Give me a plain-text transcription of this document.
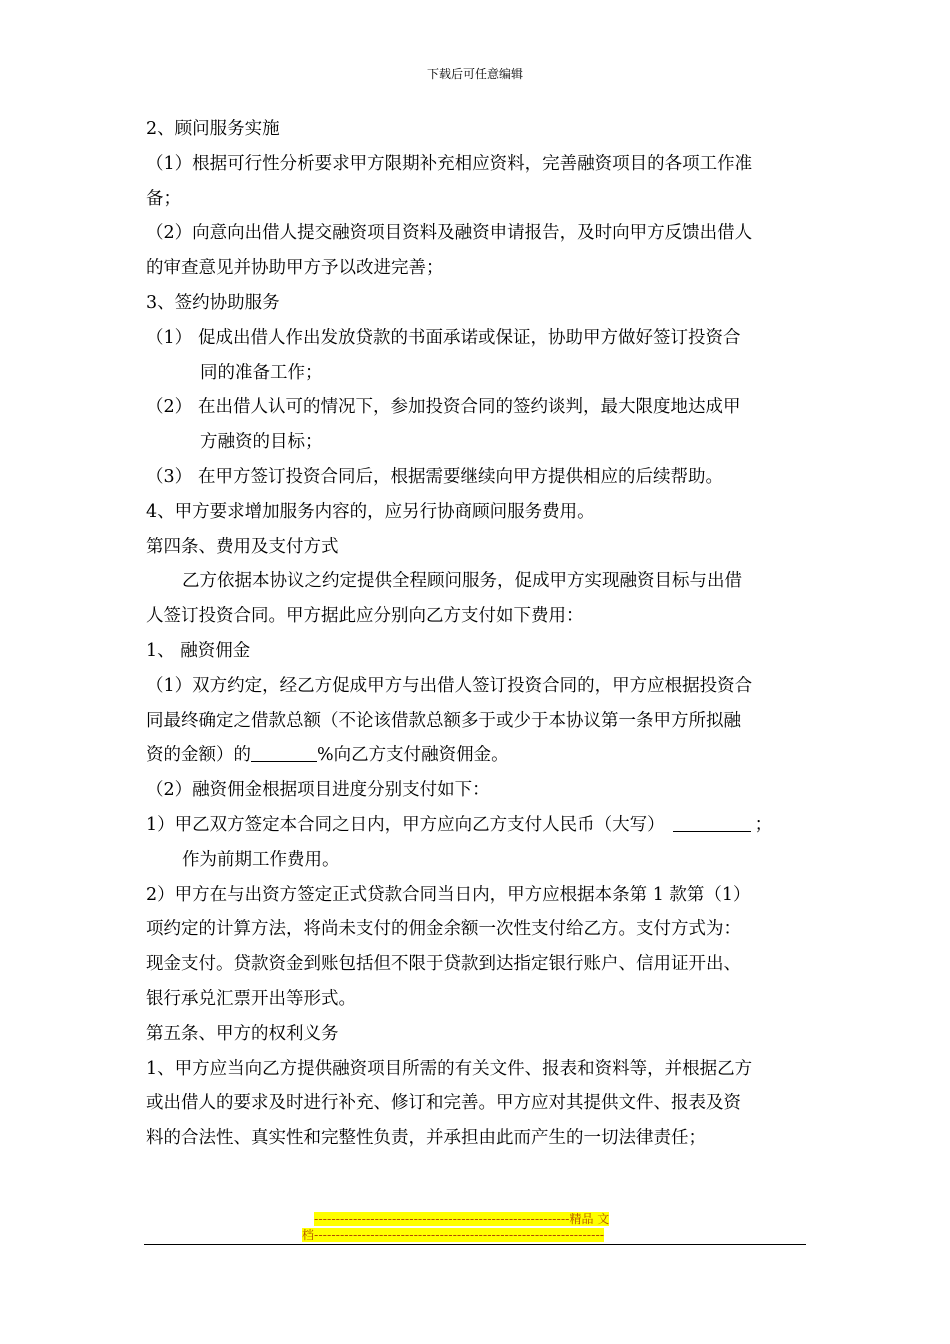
下载后可任意编辑
2、顾问服务实施
（1）根据可行性分析要求甲方限期补充相应资料，完善融资项目的各项工作准
备；
（2）向意向出借人提交融资项目资料及融资申请报告，及时向甲方反馈出借人
的审查意见并协助甲方予以改进完善；
3、签约协助服务
（1） 促成出借人作出发放贷款的书面承诺或保证，协助甲方做好签订投资合
同的准备工作；
（2） 在出借人认可的情况下，参加投资合同的签约谈判，最大限度地达成甲
方融资的目标；
（3） 在甲方签订投资合同后，根据需要继续向甲方提供相应的后续帮助。
4、甲方要求增加服务内容的，应另行协商顾问服务费用。
第四条、费用及支付方式
乙方依据本协议之约定提供全程顾问服务，促成甲方实现融资目标与出借
人签订投资合同。甲方据此应分别向乙方支付如下费用：
1、 融资佣金
（1）双方约定，经乙方促成甲方与出借人签订投资合同的，甲方应根据投资合
同最终确定之借款总额（不论该借款总额多于或少于本协议第一条甲方所拟融
资的金额）的	%向乙方支付融资佣金。
（2）融资佣金根据项目进度分别支付如下：
1）甲乙双方签定本合同之日内，甲方应向乙方支付人民币（大写）	；
作为前期工作费用。
2）甲方在与出资方签定正式贷款合同当日内，甲方应根据本条第 1 款第（1）
项约定的计算方法，将尚未支付的佣金余额一次性支付给乙方。支付方式为：
现金支付。贷款资金到账包括但不限于贷款到达指定银行账户、信用证开出、
银行承兑汇票开出等形式。
第五条、甲方的权利义务
1、甲方应当向乙方提供融资项目所需的有关文件、报表和资料等，并根据乙方
或出借人的要求及时进行补充、修订和完善。甲方应对其提供文件、报表及资
料的合法性、真实性和完整性负责，并承担由此而产生的一切法律责任；
-----------------------------------------------------------精品 文
档-------------------------------------------------------------------
